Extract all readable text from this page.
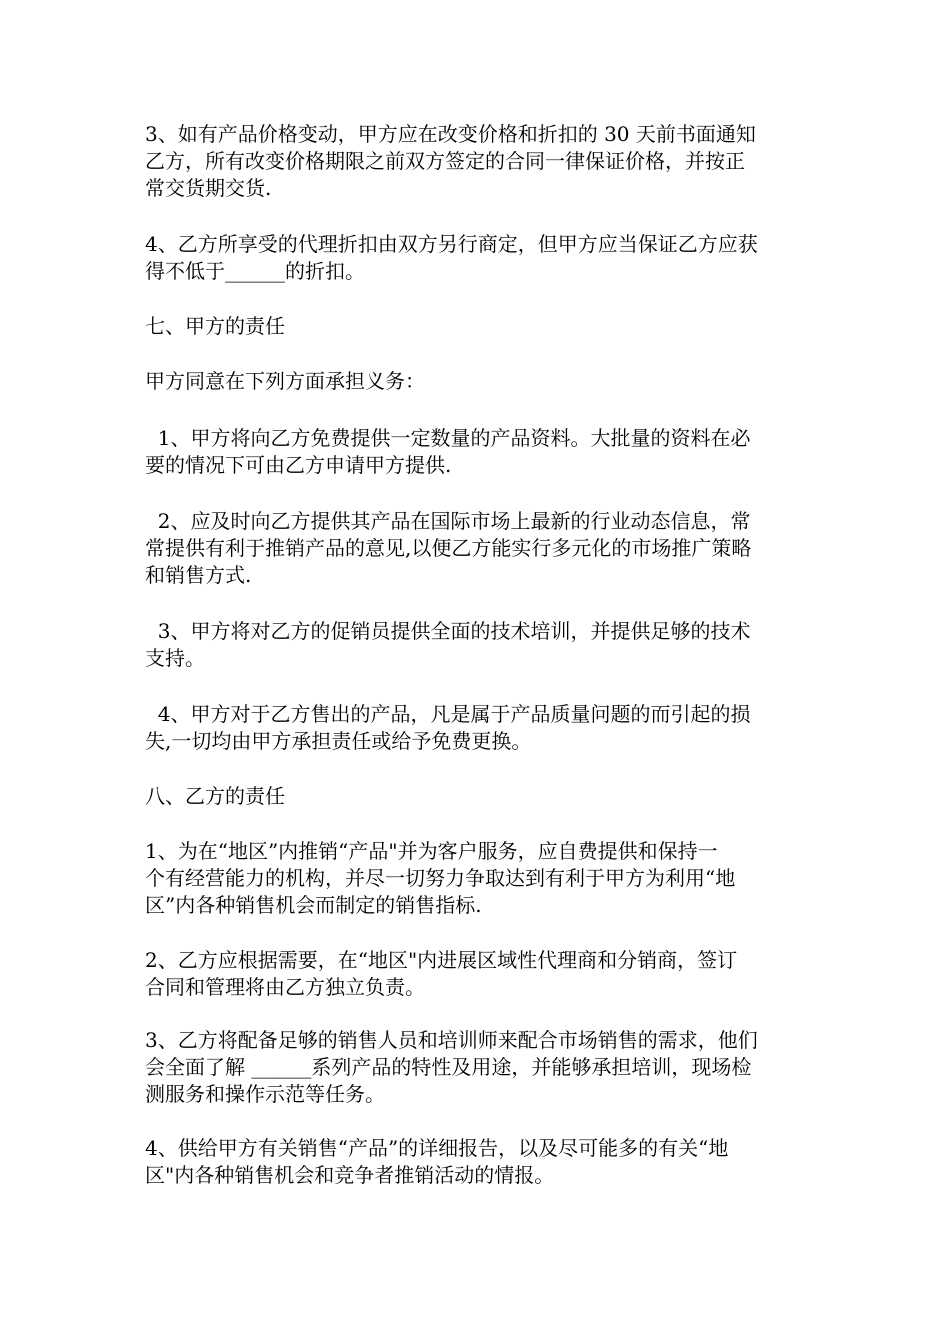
3、如有产品价格变动，甲方应在改变价格和折扣的 30 天前书面通知
乙方，所有改变价格期限之前双方签定的合同一律保证价格，并按正
常交货期交货.

4、乙方所享受的代理折扣由双方另行商定，但甲方应当保证乙方应获
得不低于______的折扣。

七、甲方的责任

甲方同意在下列方面承担义务：

1、甲方将向乙方免费提供一定数量的产品资料。大批量的资料在必
要的情况下可由乙方申请甲方提供.

2、应及时向乙方提供其产品在国际市场上最新的行业动态信息，常
常提供有利于推销产品的意见,以便乙方能实行多元化的市场推广策略
和销售方式.

3、甲方将对乙方的促销员提供全面的技术培训，并提供足够的技术
支持。

4、甲方对于乙方售出的产品，凡是属于产品质量问题的而引起的损
失,一切均由甲方承担责任或给予免费更换。

八、乙方的责任

1、为在“地区”内推销“产品"并为客户服务，应自费提供和保持一
个有经营能力的机构，并尽一切努力争取达到有利于甲方为利用“地
区”内各种销售机会而制定的销售指标.

2、乙方应根据需要，在“地区"内进展区域性代理商和分销商，签订
合同和管理将由乙方独立负责。

3、乙方将配备足够的销售人员和培训师来配合市场销售的需求，他们
会全面了解 ______系列产品的特性及用途，并能够承担培训，现场检
测服务和操作示范等任务。

4、供给甲方有关销售“产品”的详细报告，以及尽可能多的有关“地
区"内各种销售机会和竞争者推销活动的情报。
